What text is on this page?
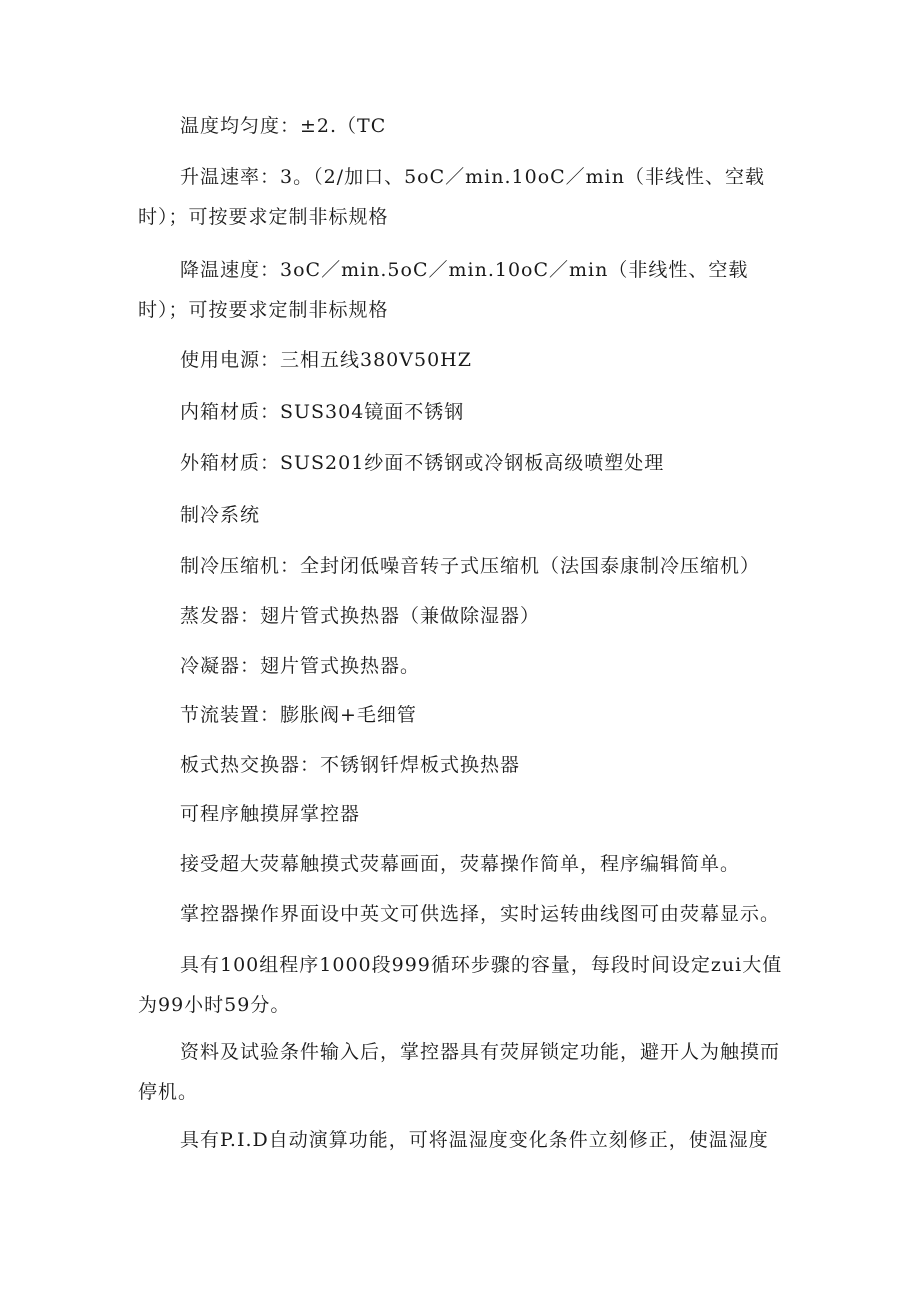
温度均匀度：±2.（TC
升温速率：3。（2/加口、5oC／min.10oC／min（非线性、空载时）；可按要求定制非标规格
降温速度：3oC／min.5oC／min.10oC／min（非线性、空载时）；可按要求定制非标规格
使用电源：三相五线380V50HZ
内箱材质：SUS304镜面不锈钢
外箱材质：SUS201纱面不锈钢或冷钢板高级喷塑处理
制冷系统
制冷压缩机：全封闭低噪音转子式压缩机（法国泰康制冷压缩机）
蒸发器：翅片管式换热器（兼做除湿器）
冷凝器：翅片管式换热器。
节流装置：膨胀阀+毛细管
板式热交换器：不锈钢钎焊板式换热器
可程序触摸屏掌控器
接受超大荧幕触摸式荧幕画面，荧幕操作简单，程序编辑简单。
掌控器操作界面设中英文可供选择，实时运转曲线图可由荧幕显示。
具有100组程序1000段999循环步骤的容量，每段时间设定zui大值为99小时59分。
资料及试验条件输入后，掌控器具有荧屏锁定功能，避开人为触摸而停机。
具有P.I.D自动演算功能，可将温湿度变化条件立刻修正，使温湿度
